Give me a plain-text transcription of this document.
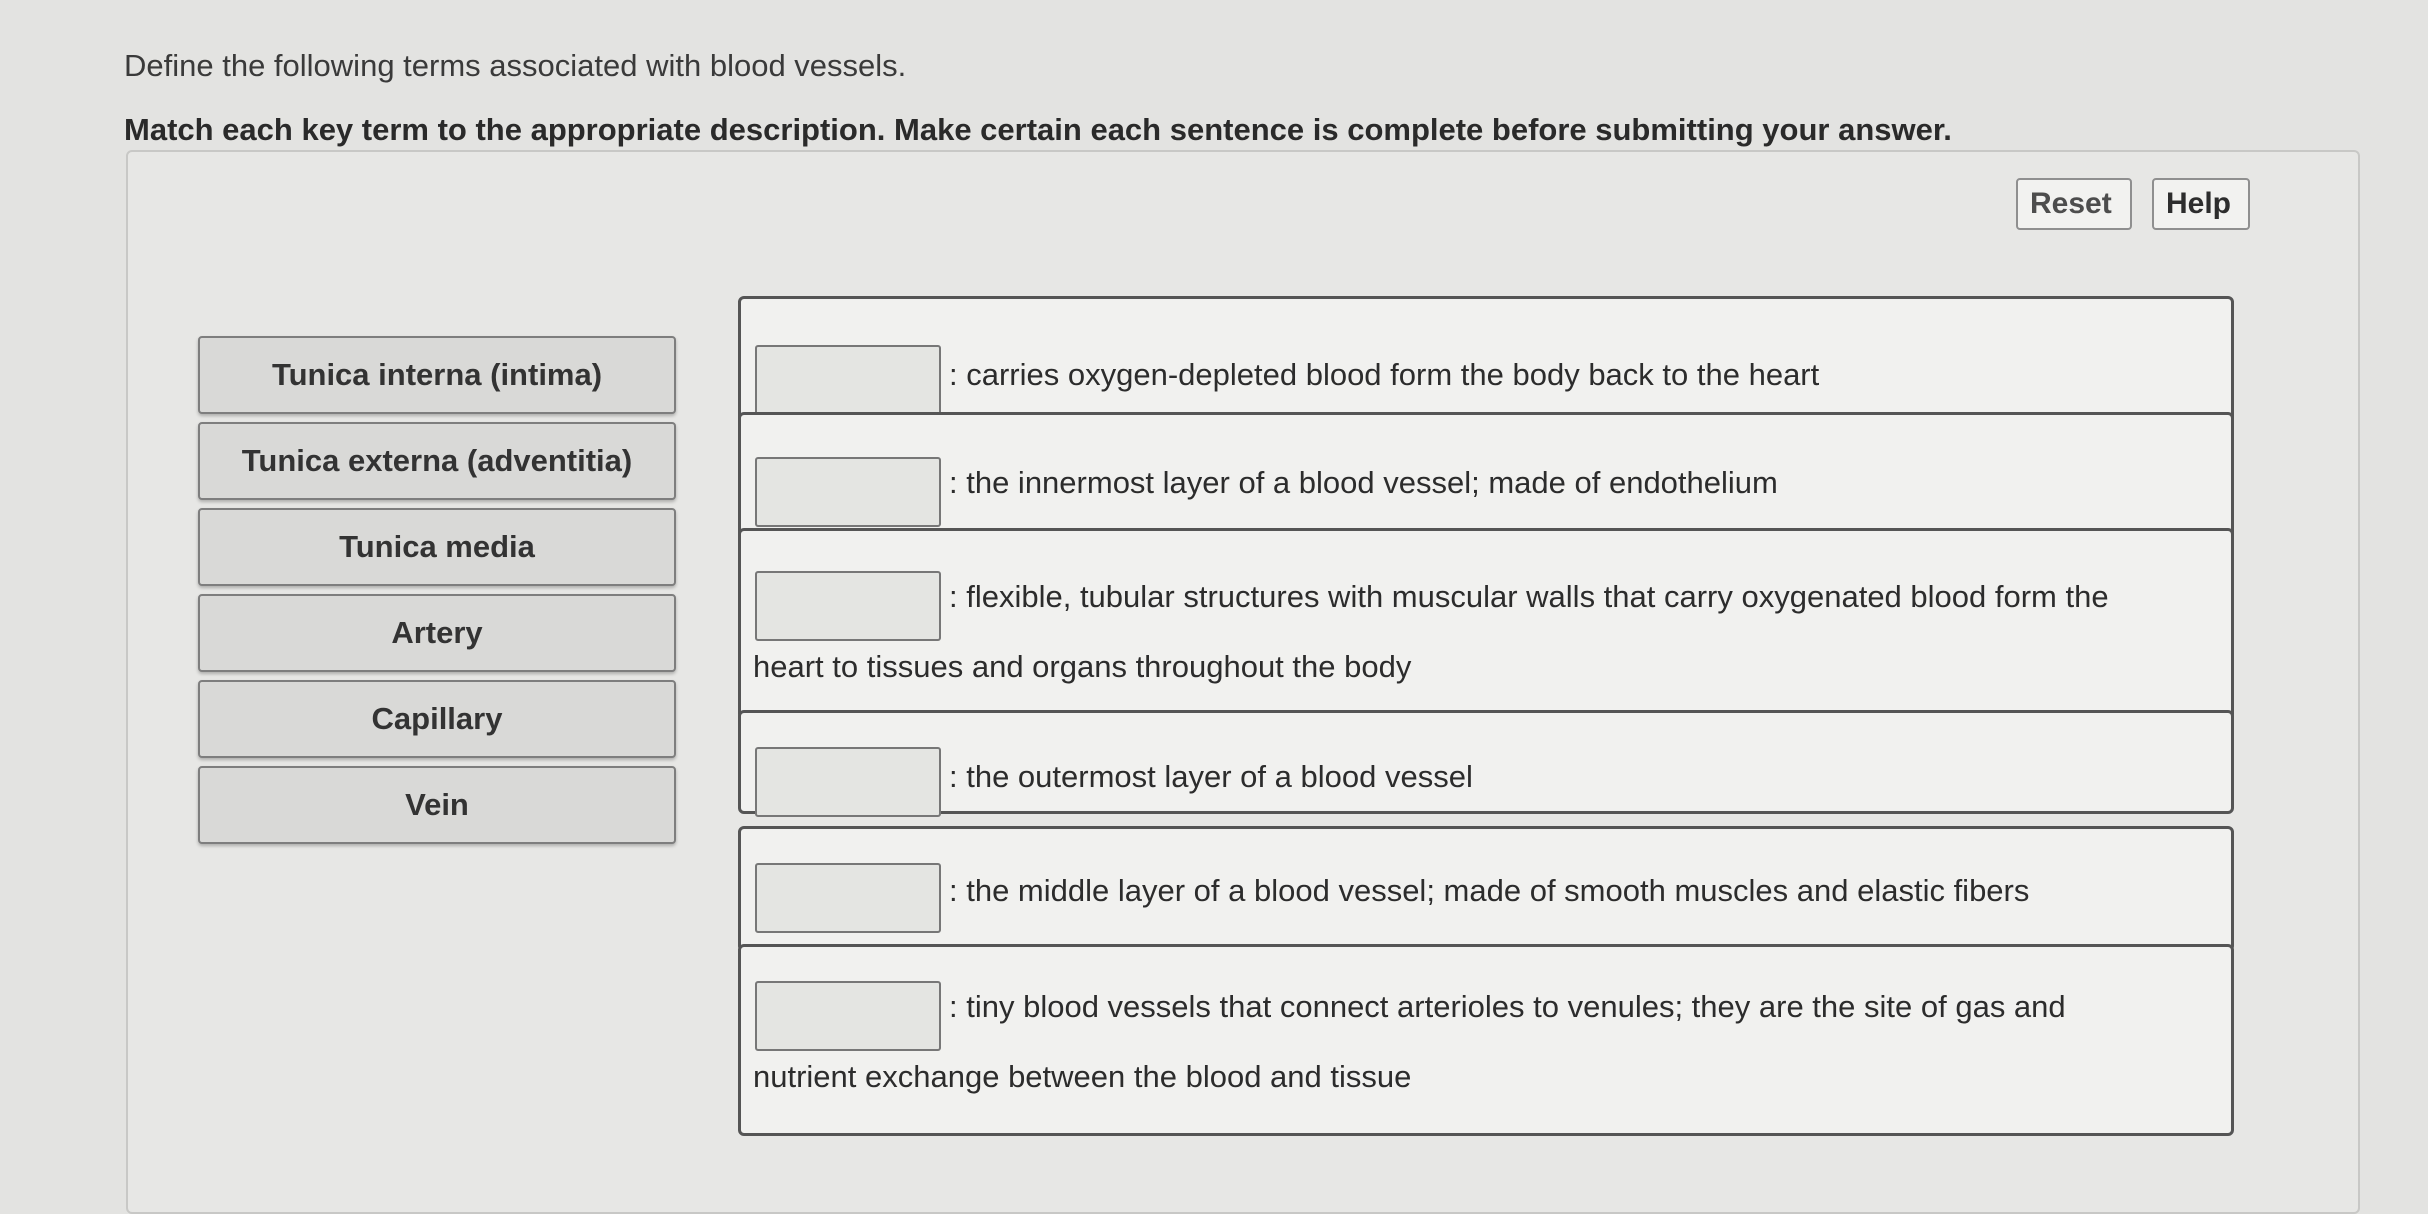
Define the following terms associated with blood vessels.
Match each key term to the appropriate description. Make certain each sentence is complete before submitting your answer.
Reset	Help
Tunica interna (intima)
Tunica externa (adventitia)
Tunica media
Artery
Capillary
Vein
: carries oxygen-depleted blood form the body back to the heart
: the innermost layer of a blood vessel; made of endothelium
: flexible, tubular structures with muscular walls that carry oxygenated blood form the
heart to tissues and organs throughout the body
: the outermost layer of a blood vessel
: the middle layer of a blood vessel; made of smooth muscles and elastic fibers
: tiny blood vessels that connect arterioles to venules; they are the site of gas and
nutrient exchange between the blood and tissue
